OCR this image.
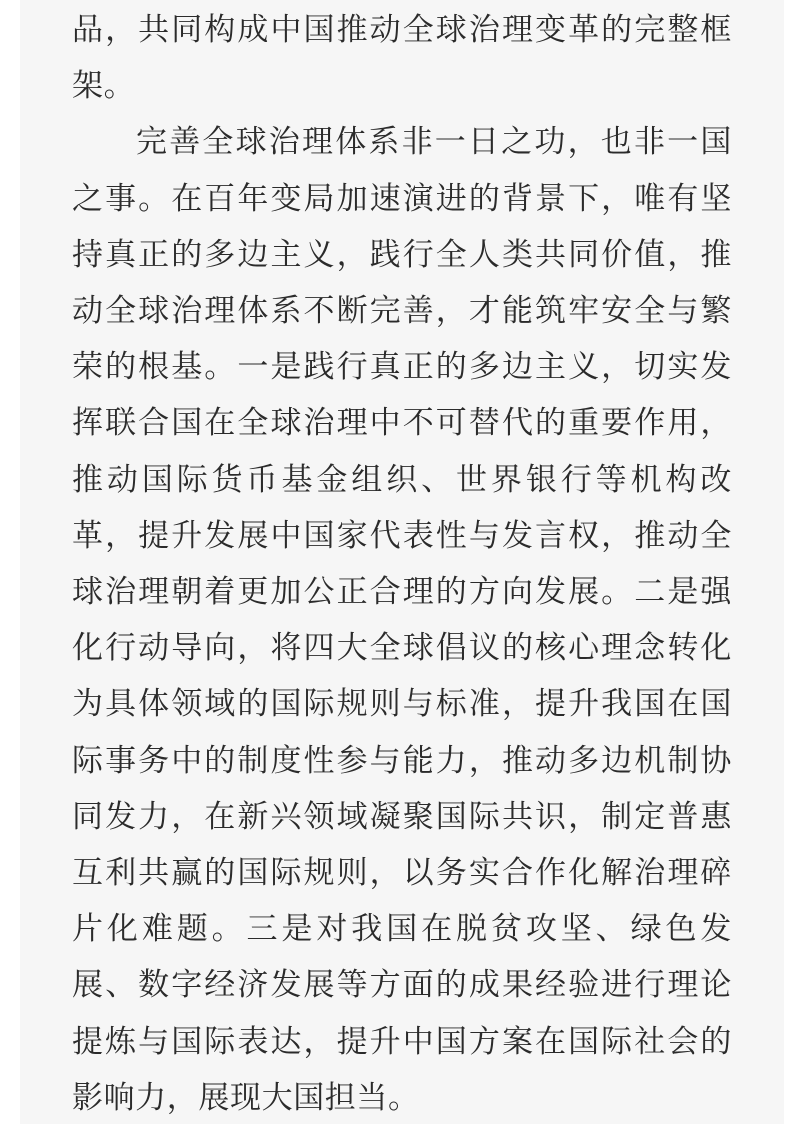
品，共同构成中国推动全球治理变革的完整框架。

完善全球治理体系非一日之功，也非一国之事。在百年变局加速演进的背景下，唯有坚持真正的多边主义，践行全人类共同价值，推动全球治理体系不断完善，才能筑牢安全与繁荣的根基。一是践行真正的多边主义，切实发挥联合国在全球治理中不可替代的重要作用，推动国际货币基金组织、世界银行等机构改革，提升发展中国家代表性与发言权，推动全球治理朝着更加公正合理的方向发展。二是强化行动导向，将四大全球倡议的核心理念转化为具体领域的国际规则与标准，提升我国在国际事务中的制度性参与能力，推动多边机制协同发力，在新兴领域凝聚国际共识，制定普惠互利共赢的国际规则，以务实合作化解治理碎片化难题。三是对我国在脱贫攻坚、绿色发展、数字经济发展等方面的成果经验进行理论提炼与国际表达，提升中国方案在国际社会的影响力，展现大国担当。
